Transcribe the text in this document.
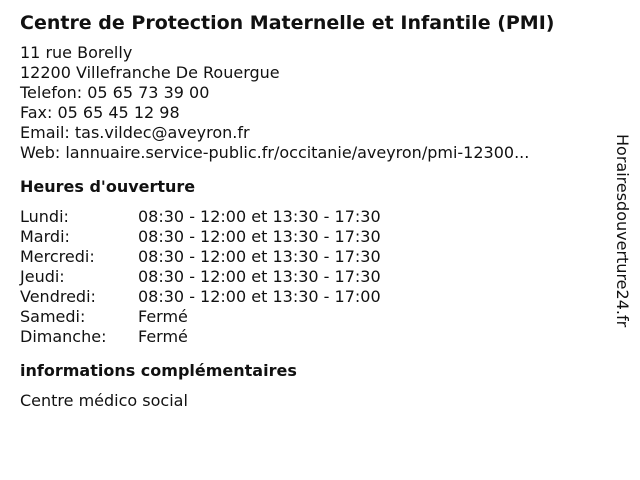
Centre de Protection Maternelle et Infantile (PMI)
11 rue Borelly
12200 Villefranche De Rouergue
Telefon: 05 65 73 39 00
Fax: 05 65 45 12 98
Email: tas.vildec@aveyron.fr
Web: lannuaire.service-public.fr/occitanie/aveyron/pmi-12300...
Heures d'ouverture
Lundi:	08:30 - 12:00 et 13:30 - 17:30
Mardi:	08:30 - 12:00 et 13:30 - 17:30
Mercredi:	08:30 - 12:00 et 13:30 - 17:30
Jeudi:	08:30 - 12:00 et 13:30 - 17:30
Vendredi:	08:30 - 12:00 et 13:30 - 17:00
Samedi:	Fermé
Dimanche:	Fermé
informations complémentaires
Centre médico social
Horairesdouverture24.fr
